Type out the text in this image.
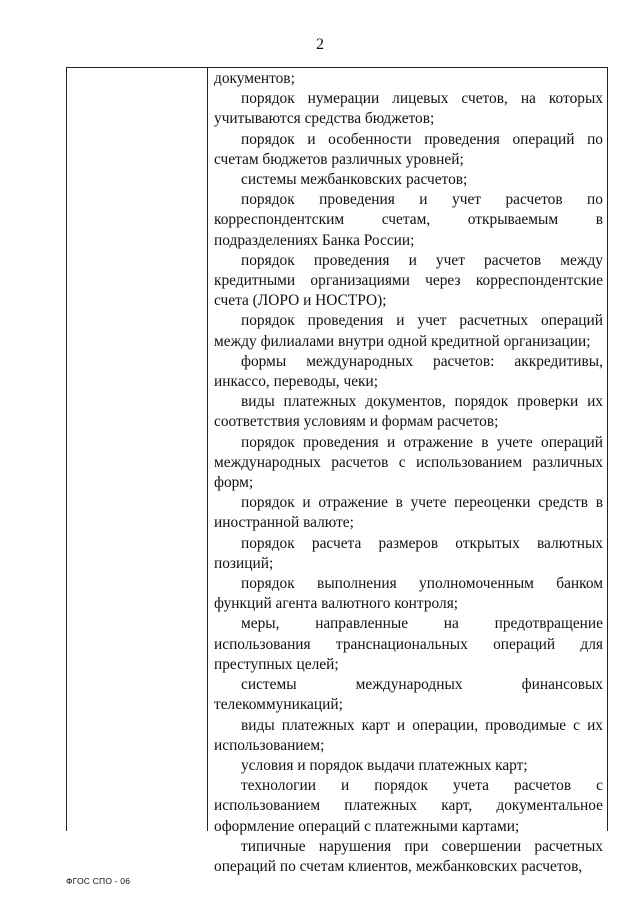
2

документов;

порядок нумерации лицевых счетов, на которых учитываются средства бюджетов;

порядок и особенности проведения операций по счетам бюджетов различных уровней;

системы межбанковских расчетов;

порядок проведения и учет расчетов по корреспондентским счетам, открываемым в подразделениях Банка России;

порядок проведения и учет расчетов между кредитными организациями через корреспондентские счета (ЛОРО и НОСТРО);

порядок проведения и учет расчетных операций между филиалами внутри одной кредитной организации;

формы международных расчетов: аккредитивы, инкассо, переводы, чеки;

виды платежных документов, порядок проверки их соответствия условиям и формам расчетов;

порядок проведения и отражение в учете операций международных расчетов с использованием различных форм;

порядок и отражение в учете переоценки средств в иностранной валюте;

порядок расчета размеров открытых валютных позиций;

порядок выполнения уполномоченным банком функций агента валютного контроля;

меры, направленные на предотвращение использования транснациональных операций для преступных целей;

системы международных финансовых телекоммуникаций;

виды платежных карт и операции, проводимые с их использованием;

условия и порядок выдачи платежных карт;

технологии и порядок учета расчетов с использованием платежных карт, документальное оформление операций с платежными картами;

типичные нарушения при совершении расчетных операций по счетам клиентов, межбанковских расчетов,

ФГОС СПО - 06
